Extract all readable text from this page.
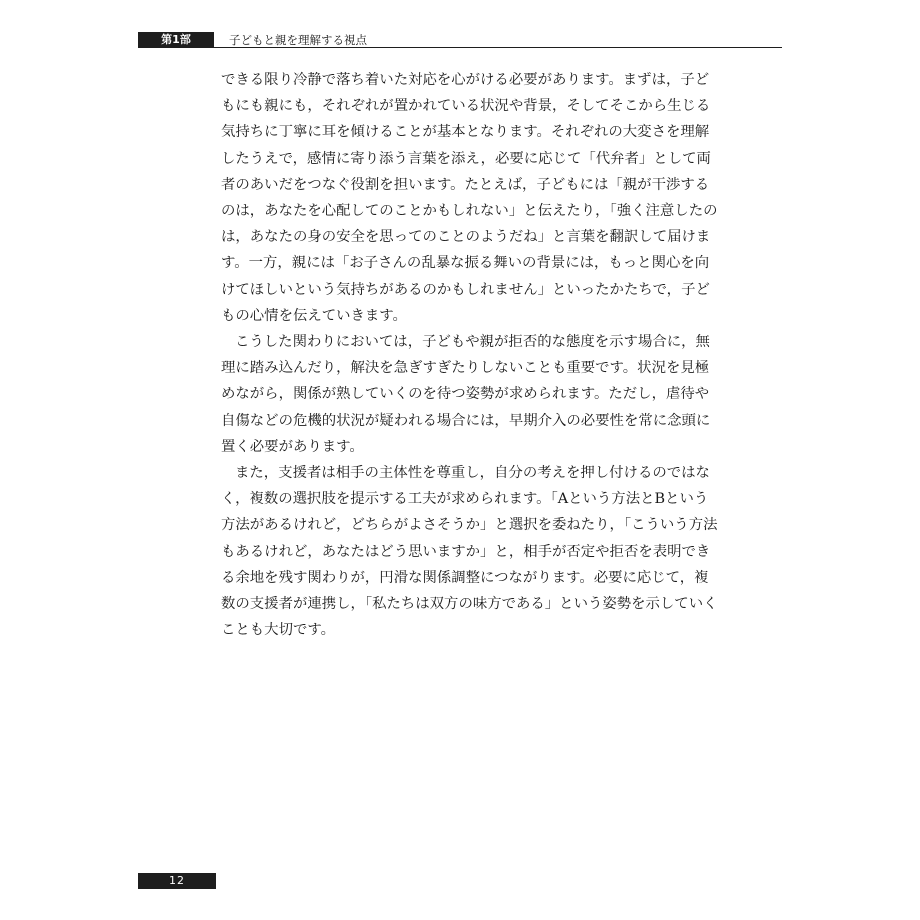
第1部	子どもと親を理解する視点

できる限り冷静で落ち着いた対応を心がける必要があります。まずは，子ど
もにも親にも，それぞれが置かれている状況や背景，そしてそこから生じる
気持ちに丁寧に耳を傾けることが基本となります。それぞれの大変さを理解
したうえで，感情に寄り添う言葉を添え，必要に応じて「代弁者」として両
者のあいだをつなぐ役割を担います。たとえば，子どもには「親が干渉する
のは，あなたを心配してのことかもしれない」と伝えたり，「強く注意したの
は，あなたの身の安全を思ってのことのようだね」と言葉を翻訳して届けま
す。一方，親には「お子さんの乱暴な振る舞いの背景には，もっと関心を向
けてほしいという気持ちがあるのかもしれません」といったかたちで，子ど
もの心情を伝えていきます。

こうした関わりにおいては，子どもや親が拒否的な態度を示す場合に，無
理に踏み込んだり，解決を急ぎすぎたりしないことも重要です。状況を見極
めながら，関係が熟していくのを待つ姿勢が求められます。ただし，虐待や
自傷などの危機的状況が疑われる場合には，早期介入の必要性を常に念頭に
置く必要があります。

また，支援者は相手の主体性を尊重し，自分の考えを押し付けるのではな
く，複数の選択肢を提示する工夫が求められます。「Aという方法とBという
方法があるけれど，どちらがよさそうか」と選択を委ねたり，「こういう方法
もあるけれど，あなたはどう思いますか」と，相手が否定や拒否を表明でき
る余地を残す関わりが，円滑な関係調整につながります。必要に応じて，複
数の支援者が連携し，「私たちは双方の味方である」という姿勢を示していく
ことも大切です。

12
